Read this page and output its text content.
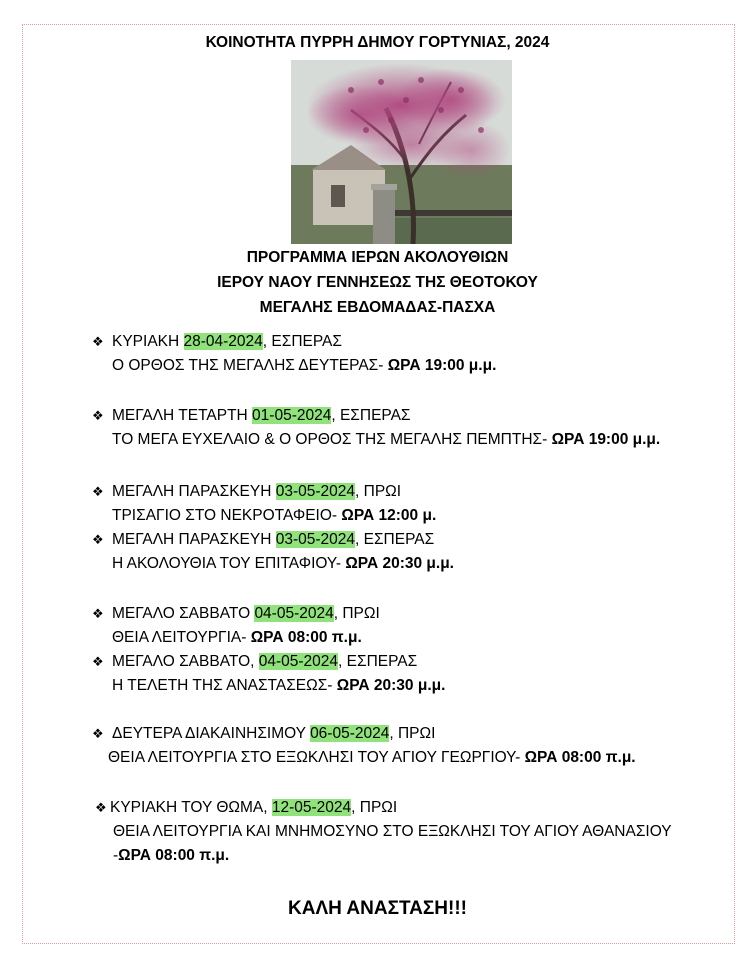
ΚΟΙΝΟΤΗΤΑ ΠΥΡΡΗ ΔΗΜΟΥ ΓΟΡΤΥΝΙΑΣ, 2024
ΠΡΟΓΡΑΜΜΑ ΙΕΡΩΝ ΑΚΟΛΟΥΘΙΩΝ
ΙΕΡΟΥ ΝΑΟΥ ΓΕΝΝΗΣΕΩΣ ΤΗΣ ΘΕΟΤΟΚΟΥ
ΜΕΓΑΛΗΣ ΕΒΔΟΜΑΔΑΣ-ΠΑΣΧΑ
❖ ΚΥΡΙΑΚΗ 28-04-2024, ΕΣΠΕΡΑΣ
Ο ΟΡΘΟΣ ΤΗΣ ΜΕΓΑΛΗΣ ΔΕΥΤΕΡΑΣ- ΩΡΑ 19:00 μ.μ.
❖ ΜΕΓΑΛΗ ΤΕΤΑΡΤΗ 01-05-2024, ΕΣΠΕΡΑΣ
ΤΟ ΜΕΓΑ ΕΥΧΕΛΑΙΟ & Ο ΟΡΘΟΣ ΤΗΣ ΜΕΓΑΛΗΣ ΠΕΜΠΤΗΣ- ΩΡΑ 19:00 μ.μ.
❖ ΜΕΓΑΛΗ ΠΑΡΑΣΚΕΥΗ 03-05-2024, ΠΡΩΙ
ΤΡΙΣΑΓΙΟ ΣΤΟ ΝΕΚΡΟΤΑΦΕΙΟ- ΩΡΑ 12:00 μ.
❖ ΜΕΓΑΛΗ ΠΑΡΑΣΚΕΥΗ 03-05-2024, ΕΣΠΕΡΑΣ
Η ΑΚΟΛΟΥΘΙΑ ΤΟΥ ΕΠΙΤΑΦΙΟΥ- ΩΡΑ 20:30 μ.μ.
❖ ΜΕΓΑΛΟ ΣΑΒΒΑΤΟ 04-05-2024, ΠΡΩΙ
ΘΕΙΑ ΛΕΙΤΟΥΡΓΙΑ- ΩΡΑ 08:00 π.μ.
❖ ΜΕΓΑΛΟ ΣΑΒΒΑΤΟ, 04-05-2024, ΕΣΠΕΡΑΣ
Η ΤΕΛΕΤΗ ΤΗΣ ΑΝΑΣΤΑΣΕΩΣ- ΩΡΑ 20:30 μ.μ.
❖ ΔΕΥΤΕΡΑ ΔΙΑΚΑΙΝΗΣΙΜΟΥ 06-05-2024, ΠΡΩΙ
ΘΕΙΑ ΛΕΙΤΟΥΡΓΙΑ ΣΤΟ ΕΞΩΚΛΗΣΙ ΤΟΥ ΑΓΙΟΥ ΓΕΩΡΓΙΟΥ- ΩΡΑ 08:00 π.μ.
❖ ΚΥΡΙΑΚΗ ΤΟΥ ΘΩΜΑ, 12-05-2024, ΠΡΩΙ
ΘΕΙΑ ΛΕΙΤΟΥΡΓΙΑ ΚΑΙ ΜΝΗΜΟΣΥΝΟ ΣΤΟ ΕΞΩΚΛΗΣΙ ΤΟΥ ΑΓΙΟΥ ΑΘΑΝΑΣΙΟΥ
-ΩΡΑ 08:00 π.μ.
ΚΑΛΗ ΑΝΑΣΤΑΣΗ!!!
